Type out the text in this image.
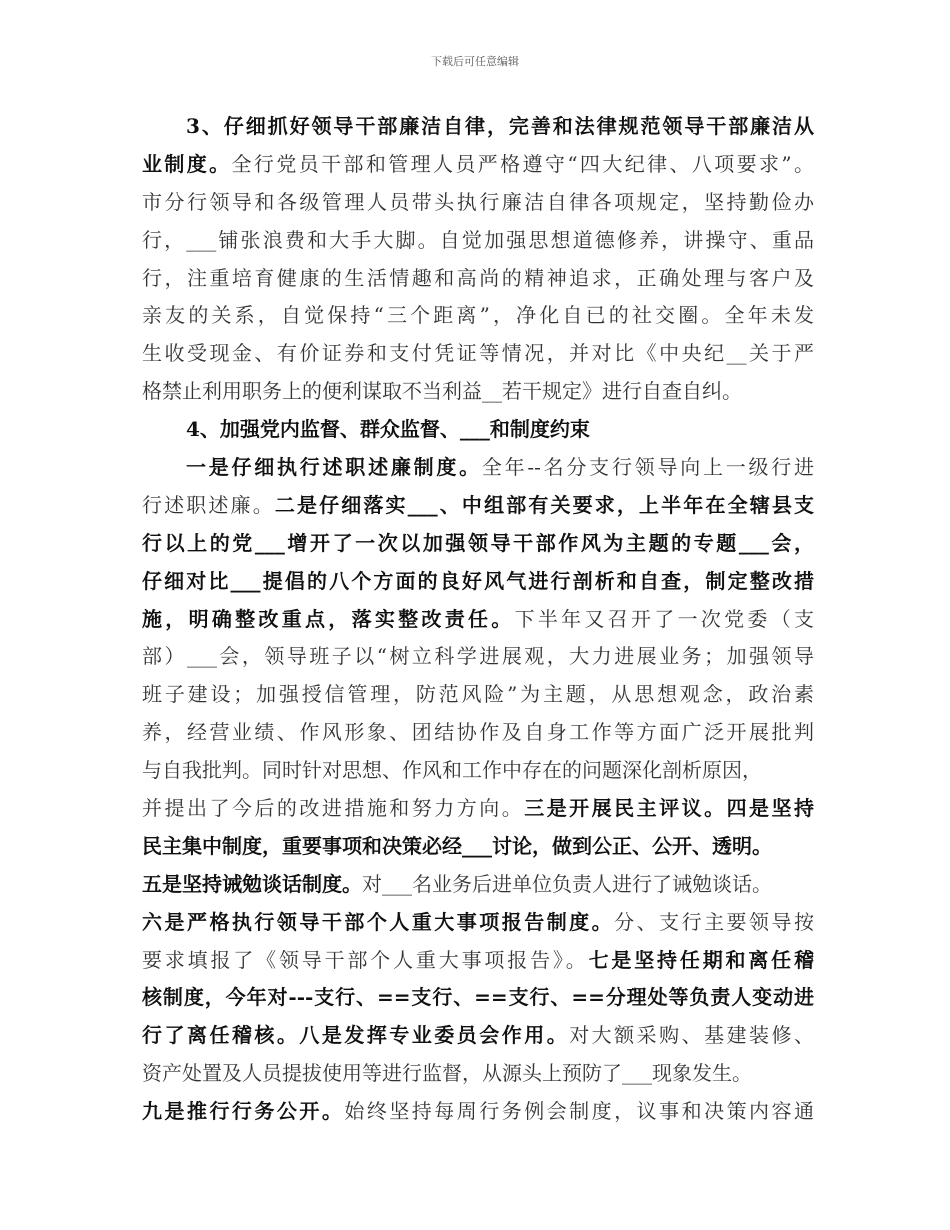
下载后可任意编辑
3、仔细抓好领导干部廉洁自律，完善和法律规范领导干部廉洁从
业制度。全行党员干部和管理人员严格遵守“四大纪律、八项要求”。
市分行领导和各级管理人员带头执行廉洁自律各项规定，坚持勤俭办
行，___铺张浪费和大手大脚。自觉加强思想道德修养，讲操守、重品
行，注重培育健康的生活情趣和高尚的精神追求，正确处理与客户及
亲友的关系，自觉保持“三个距离”，净化自已的社交圈。全年未发
生收受现金、有价证券和支付凭证等情况，并对比《中央纪__关于严
格禁止利用职务上的便利谋取不当利益__若干规定》进行自查自纠。
4、加强党内监督、群众监督、___和制度约束
一是仔细执行述职述廉制度。全年--名分支行领导向上一级行进
行述职述廉。二是仔细落实___、中组部有关要求，上半年在全辖县支
行以上的党___增开了一次以加强领导干部作风为主题的专题___会，
仔细对比___提倡的八个方面的良好风气进行剖析和自查，制定整改措
施，明确整改重点，落实整改责任。下半年又召开了一次党委（支
部）___会，领导班子以“树立科学进展观，大力进展业务；加强领导
班子建设；加强授信管理，防范风险”为主题，从思想观念，政治素
养，经营业绩、作风形象、团结协作及自身工作等方面广泛开展批判
与自我批判。同时针对思想、作风和工作中存在的问题深化剖析原因，
并提出了今后的改进措施和努力方向。三是开展民主评议。四是坚持
民主集中制度，重要事项和决策必经___讨论，做到公正、公开、透明。
五是坚持诫勉谈话制度。对___名业务后进单位负责人进行了诫勉谈话。
六是严格执行领导干部个人重大事项报告制度。分、支行主要领导按
要求填报了《领导干部个人重大事项报告》。七是坚持任期和离任稽
核制度，今年对---支行、==支行、==支行、==分理处等负责人变动进
行了离任稽核。八是发挥专业委员会作用。对大额采购、基建装修、
资产处置及人员提拔使用等进行监督，从源头上预防了___现象发生。
九是推行行务公开。始终坚持每周行务例会制度，议事和决策内容通
